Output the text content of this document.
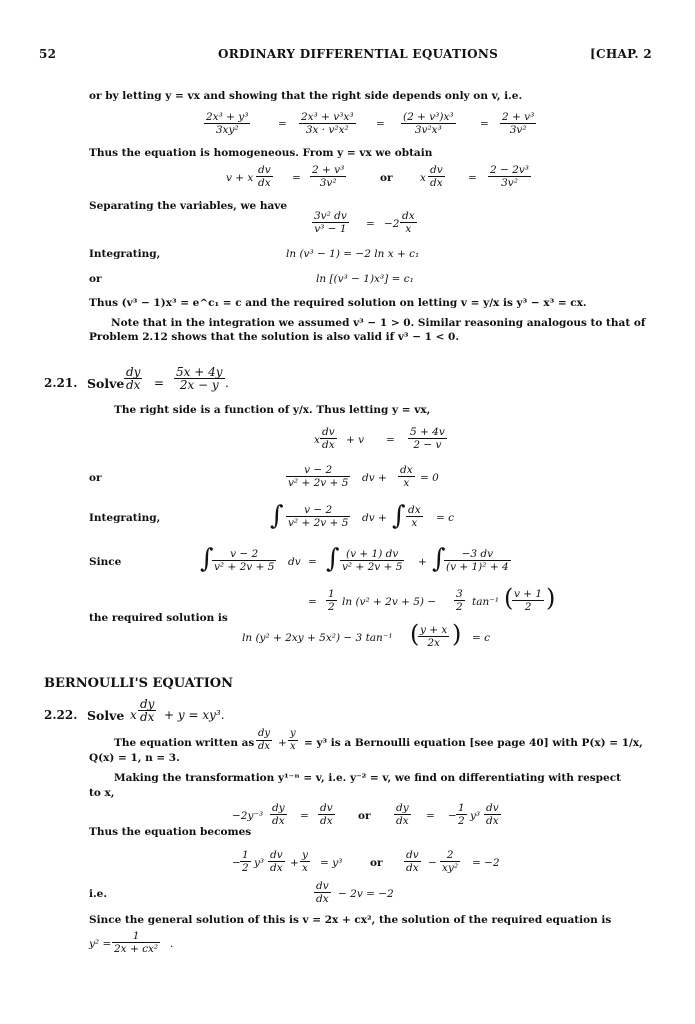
52	ORDINARY DIFFERENTIAL EQUATIONS	[CHAP. 2
or by letting y = vx and showing that the right side depends only on v, i.e.
$\frac{\text{2x³ + y³}}{\text{3xy²}}$	= $\frac{\text{2x³ + v³x³}}{\text{3x · v²x²}} = \frac{\text{(2 + v³)x³}}{\text{3v²x³}} = \frac{\text{2 + v³}}{\text{3v²}}$
Thus the equation is homogeneous. From y = vx we obtain
v + x $\frac{dv}{dx} = \frac{\text{2 + v³}}{\text{3v²}}$	or	x $\frac{dv}{dx} = \frac{\text{2 − 2v³}}{\text{3v²}}$
Separating the variables, we have
$\frac{\text{3v² dv}}{\text{v³ − 1}} = -2 \frac{dx}{x}$
Integrating,	ln (v³ − 1) = −2 ln x + c₁
or	ln [(v³ − 1)x³] = c₁
Thus (v³ − 1)x³ = e^c₁ = c and the required solution on letting v = y/x is y³ − x³ = cx.
Note that in the integration we assumed v³ − 1 > 0. Similar reasoning analogous to that of
Problem 2.12 shows that the solution is also valid if v³ − 1 < 0.
2.21. Solve $\frac{dy}{dx} = \frac{5x + 4y}{2x - y}$ .
The right side is a function of y/x. Thus letting y = vx,
x $\frac{dv}{dx} + v = \frac{5 + 4v}{2 - v}$
or	$\frac{v - 2}{\text{v² + 2v + 5}}$ dv + $\frac{dx}{x} = 0$
Integrating,	∫ $\frac{v - 2}{\text{v² + 2v + 5}}$ dv + ∫ $\frac{dx}{x} = c$
Since	∫
$\frac{v - 2}{\text{v² + 2v + 5}}$ dv = ∫ $\frac{(v + 1) dv}{\text{v² + 2v + 5}}$ + ∫
$\frac{-3 dv}{\text{(v + 1)² + 4}}$
= $\frac{1}{2}$ $\ln (v^2 + 2v + 5) - \frac{3}{2} \tan^{-1}$ (
$\frac{v + 1}{2}$ )
the required solution is
ln (y² + 2xy + 5x²) − 3 tan⁻¹ (
$\frac{y + x}{2x}$ ) = c
BERNOULLI'S EQUATION
2.22. Solve x $\frac{dy}{dx} + y = xy^3$.
The equation written as $\frac{dy}{dx} + \frac{y}{x} = y^3$ is a Bernoulli equation [see page 40] with P(x) = 1/x,
Q(x) = 1, n = 3.
Making the transformation y¹⁻ⁿ = v, i.e. y⁻² = v, we find on differentiating with respect
to x,
$-2y^{-3} \frac{dy}{dx} = \frac{dv}{dx}$ or $\frac{dy}{dx}$ = − $\frac{1}{2} y^3 \frac{dv}{dx}$
Thus the equation becomes
− $\frac{1}{2} y^3 \frac{dv}{dx} + \frac{y}{x} = y^3$	or $\frac{dv}{dx} - \frac{2}{\text{xy²}} = -2$
i.e.	$\frac{dv}{dx} - 2v = -2$
Since the general solution of this is v = 2x + cx², the solution of the required equation is
$y^2 = \frac{1}{\text{2x + cx²}}$ .
